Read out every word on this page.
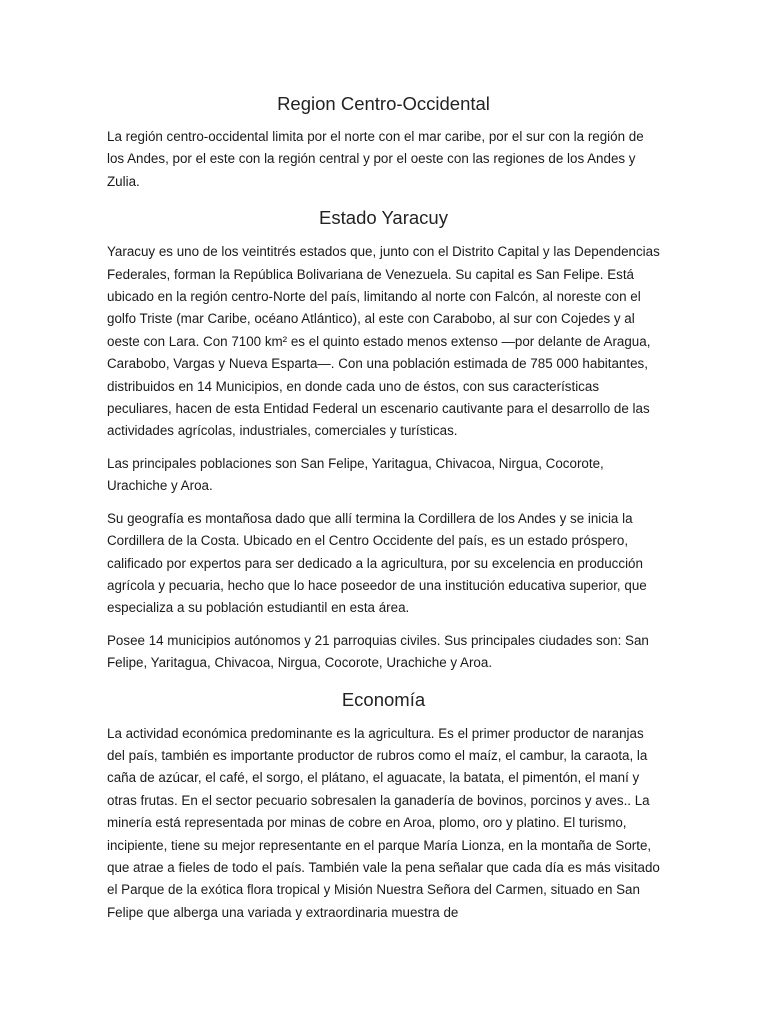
Region Centro-Occidental

La región centro-occidental limita por el norte con el mar caribe, por el sur con la región de los Andes, por el este con la región central y por el oeste con las regiones de los Andes y Zulia.

Estado Yaracuy

Yaracuy es uno de los veintitrés estados que, junto con el Distrito Capital y las Dependencias Federales, forman la República Bolivariana de Venezuela. Su capital es San Felipe. Está ubicado en la región centro-Norte del país, limitando al norte con Falcón, al noreste con el golfo Triste (mar Caribe, océano Atlántico), al este con Carabobo, al sur con Cojedes y al oeste con Lara. Con 7100 km² es el quinto estado menos extenso —por delante de Aragua, Carabobo, Vargas y Nueva Esparta—. Con una población estimada de 785 000 habitantes, distribuidos en 14 Municipios, en donde cada uno de éstos, con sus características peculiares, hacen de esta Entidad Federal un escenario cautivante para el desarrollo de las actividades agrícolas, industriales, comerciales y turísticas.

Las principales poblaciones son San Felipe, Yaritagua, Chivacoa, Nirgua, Cocorote, Urachiche y Aroa.

Su geografía es montañosa dado que allí termina la Cordillera de los Andes y se inicia la Cordillera de la Costa. Ubicado en el Centro Occidente del país, es un estado próspero, calificado por expertos para ser dedicado a la agricultura, por su excelencia en producción agrícola y pecuaria, hecho que lo hace poseedor de una institución educativa superior, que especializa a su población estudiantil en esta área.

Posee 14 municipios autónomos y 21 parroquias civiles. Sus principales ciudades son: San Felipe, Yaritagua, Chivacoa, Nirgua, Cocorote, Urachiche y Aroa.

Economía

La actividad económica predominante es la agricultura. Es el primer productor de naranjas del país, también es importante productor de rubros como el maíz, el cambur, la caraota, la caña de azúcar, el café, el sorgo, el plátano, el aguacate, la batata, el pimentón, el maní y otras frutas. En el sector pecuario sobresalen la ganadería de bovinos, porcinos y aves.. La minería está representada por minas de cobre en Aroa, plomo, oro y platino. El turismo, incipiente, tiene su mejor representante en el parque María Lionza, en la montaña de Sorte, que atrae a fieles de todo el país. También vale la pena señalar que cada día es más visitado el Parque de la exótica flora tropical y Misión Nuestra Señora del Carmen, situado en San Felipe que alberga una variada y extraordinaria muestra de
